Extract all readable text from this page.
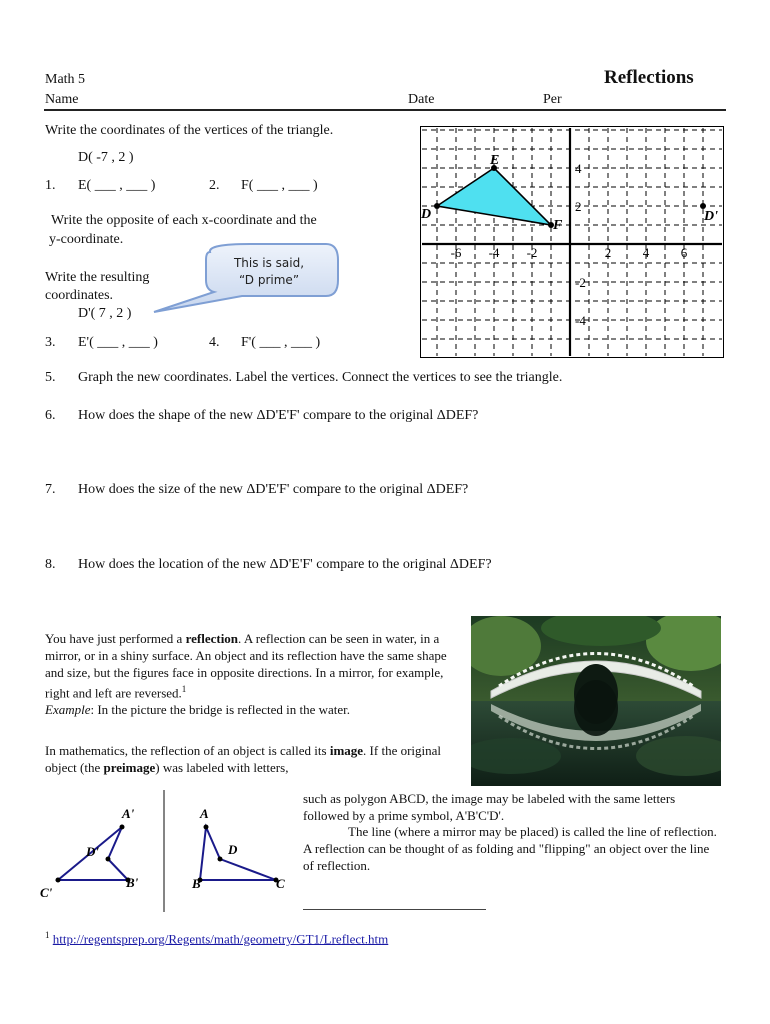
Math 5
Name	Date	Per
Reflections
Write the coordinates of the vertices of the triangle.
D( -7 , 2 )
1. E( ___ , ___ )	2. F( ___ , ___ )
Write the opposite of each x-coordinate and the
y-coordinate.
Write the resulting
coordinates.
D'( 7 , 2 )
3. E'( ___ , ___ )	4. F'( ___ , ___ )
This is said,
“D prime”
-6 -4 -2	2 4 6
4
2
-2
-4
D
E
F
D'
5. Graph the new coordinates. Label the vertices. Connect the vertices to see the triangle.
6. How does the shape of the new ΔD'E'F' compare to the original ΔDEF?
7. How does the size of the new ΔD'E'F' compare to the original ΔDEF?
8. How does the location of the new ΔD'E'F' compare to the original ΔDEF?
You have just performed a reflection. A reflection can be seen in water, in a mirror, or in a shiny surface. An object and its reflection have the same shape and size, but the figures face in opposite directions. In a mirror, for example, right and left are reversed.$^1$
Example: In the picture the bridge is reflected in the water.
In mathematics, the reflection of an object is called its image. If the original object (the preimage) was labeled with letters,
such as polygon ABCD, the image may be labeled with the same letters followed by a prime symbol, A'B'C'D'.
The line (where a mirror may be placed) is called the line of reflection. A reflection can be thought of as folding and "flipping" an object over the line of reflection.
A'
D'
B'
C'
A
D
B	C
$^1$ http://regentsprep.org/Regents/math/geometry/GT1/Lreflect.htm
